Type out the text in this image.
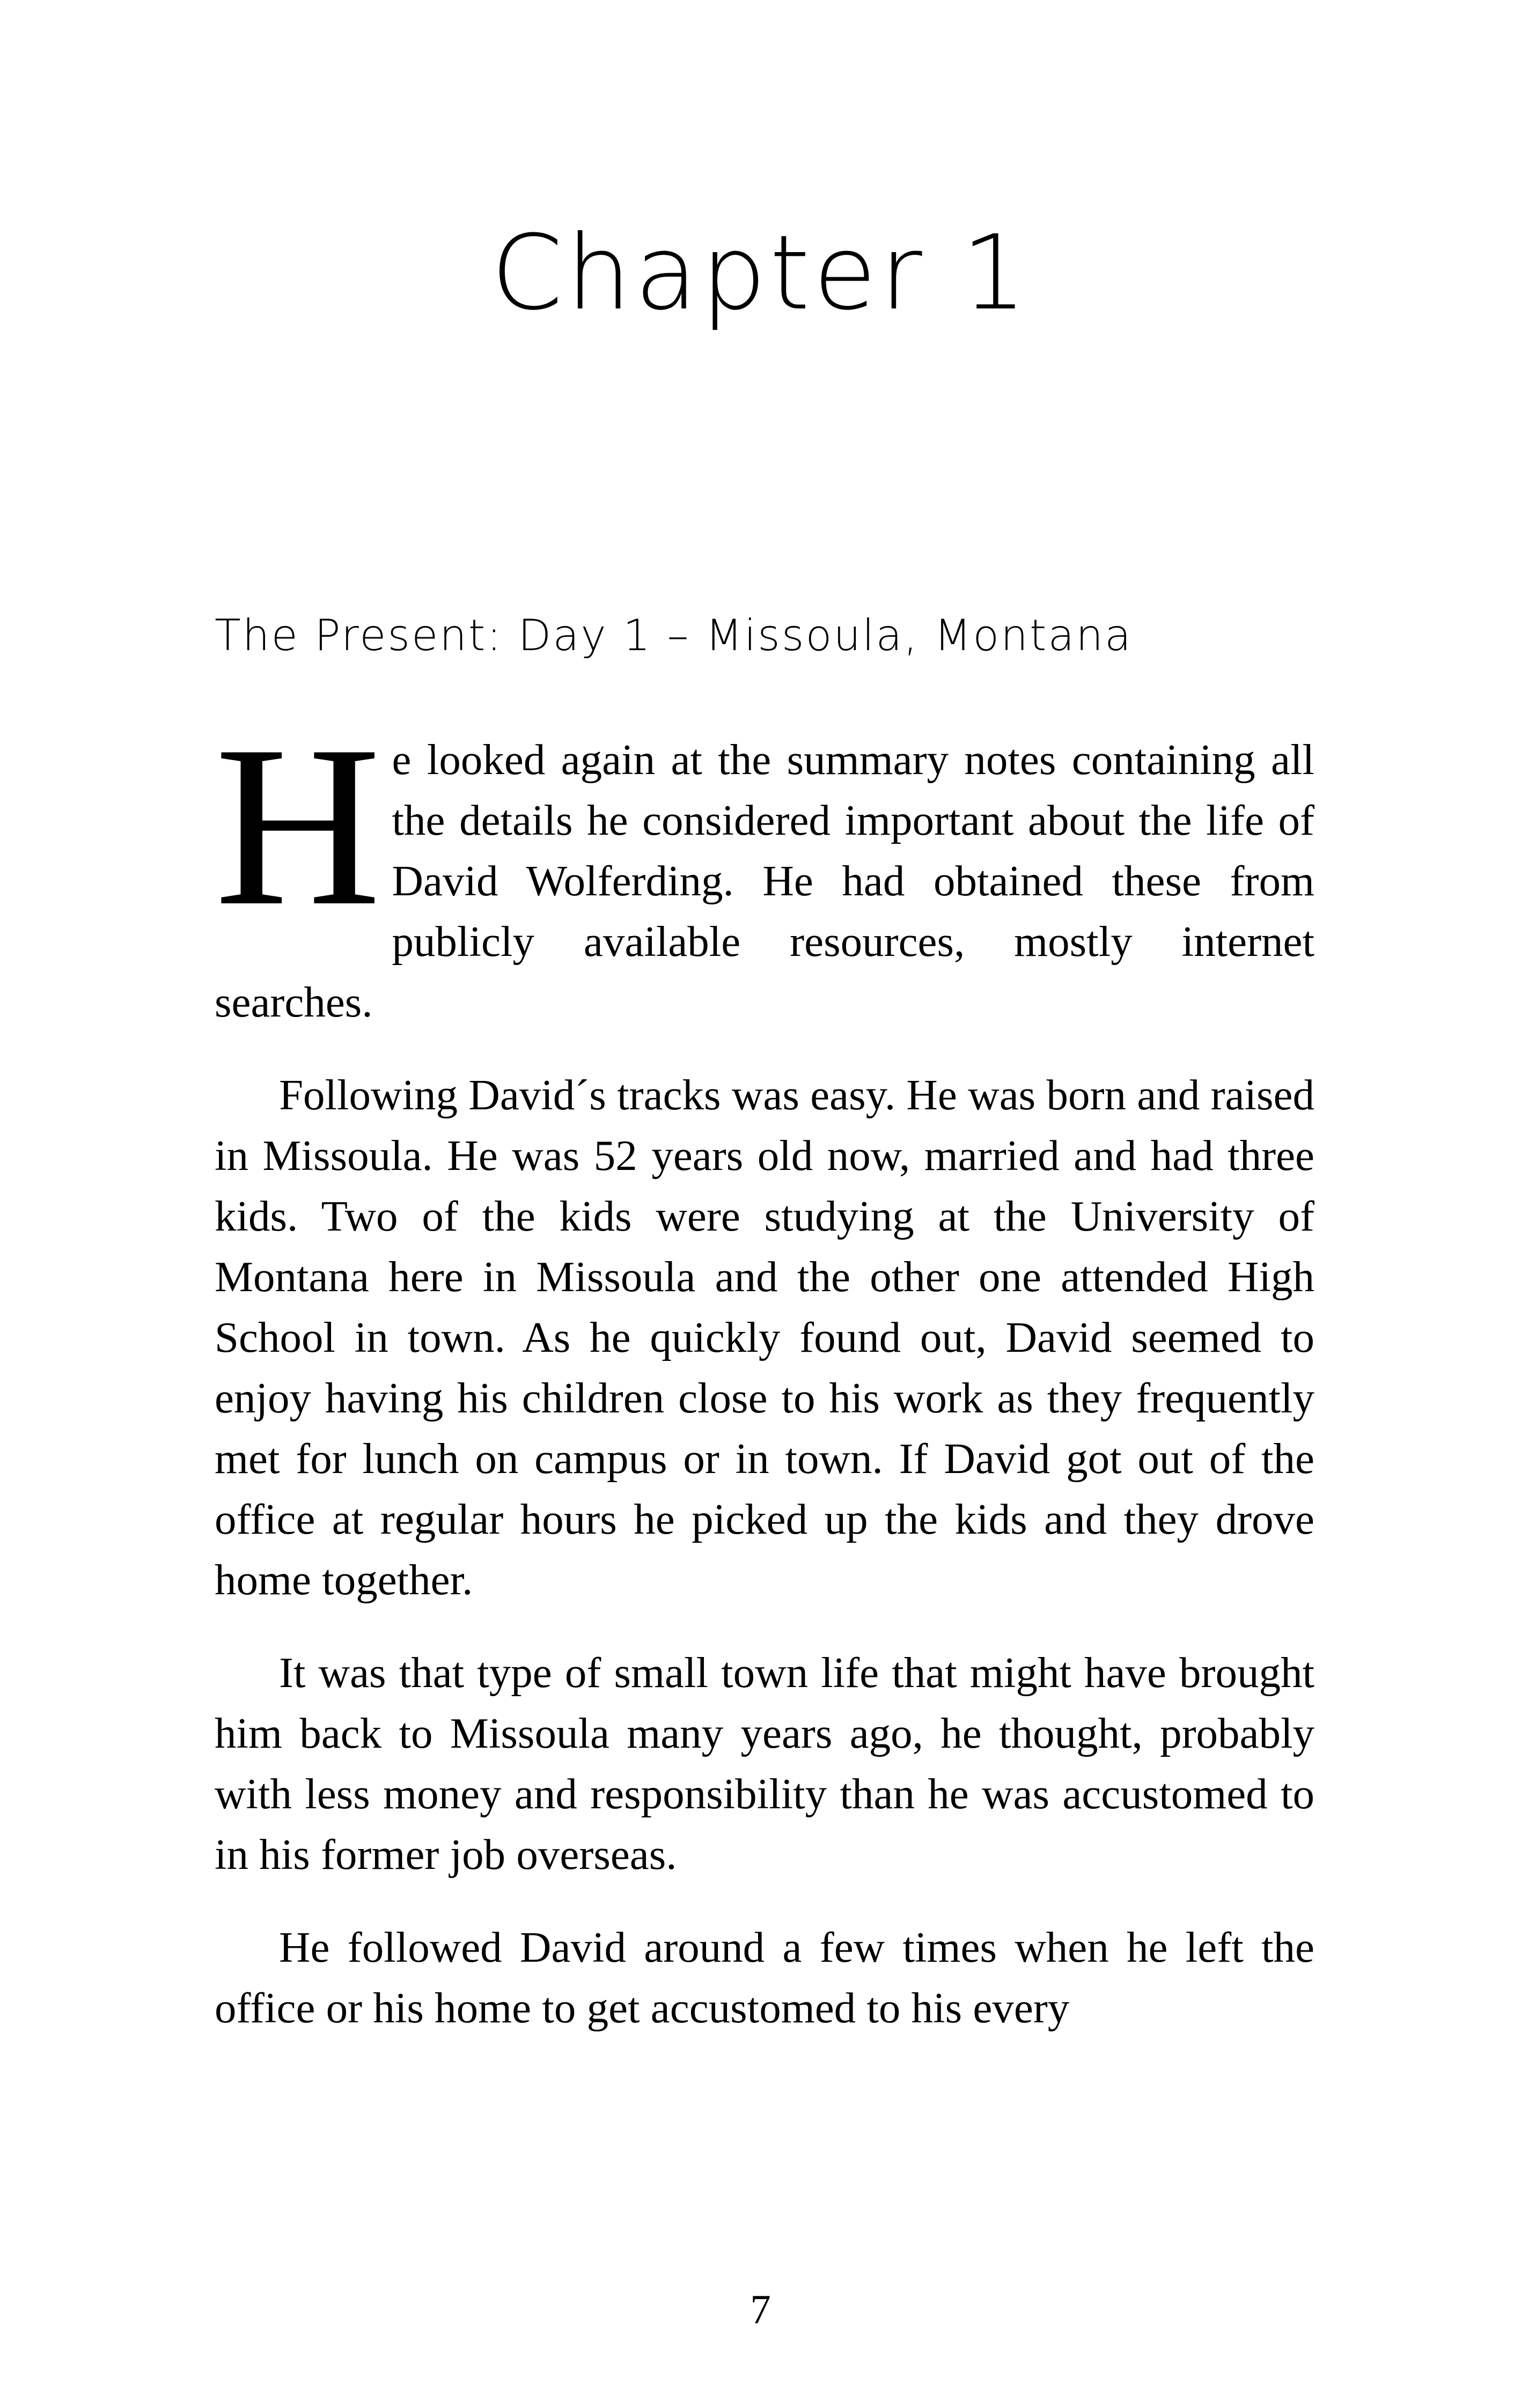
Chapter 1
The Present: Day 1 – Missoula, Montana

He looked again at the summary notes containing all the details he considered important about the life of David Wolferding. He had obtained these from publicly available resources, mostly internet searches.

Following David´s tracks was easy. He was born and raised in Missoula. He was 52 years old now, married and had three kids. Two of the kids were studying at the University of Montana here in Missoula and the other one attended High School in town. As he quickly found out, David seemed to enjoy having his children close to his work as they frequently met for lunch on campus or in town. If David got out of the office at regular hours he picked up the kids and they drove home together.

It was that type of small town life that might have brought him back to Missoula many years ago, he thought, probably with less money and responsibility than he was accustomed to in his former job overseas.

He followed David around a few times when he left the office or his home to get accustomed to his every

7
